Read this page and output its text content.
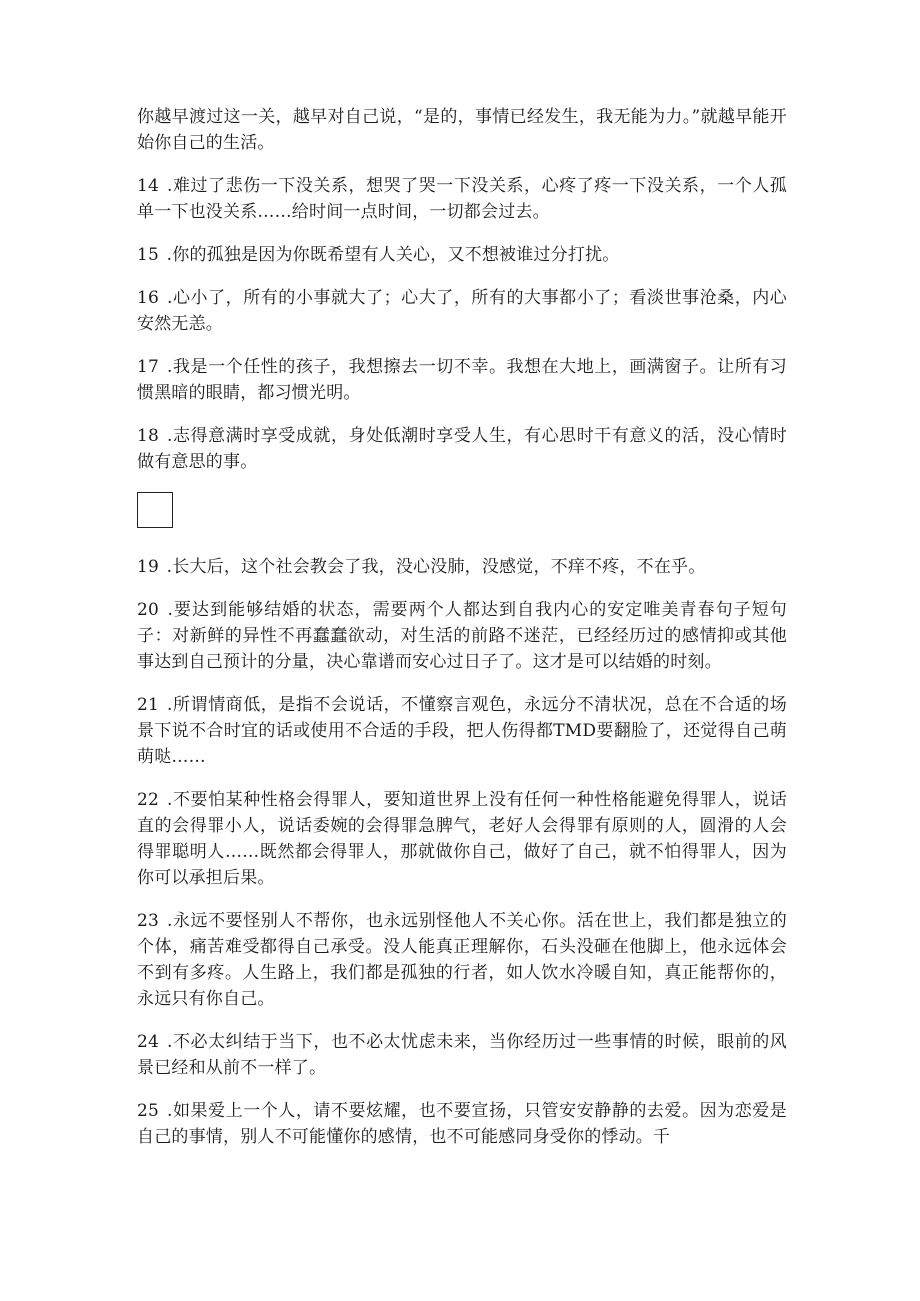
你越早渡过这一关，越早对自己说，“是的，事情已经发生，我无能为力。”就越早能开始你自己的生活。

14 .难过了悲伤一下没关系，想哭了哭一下没关系，心疼了疼一下没关系，一个人孤单一下也没关系……给时间一点时间，一切都会过去。

15 .你的孤独是因为你既希望有人关心，又不想被谁过分打扰。

16 .心小了，所有的小事就大了；心大了，所有的大事都小了；看淡世事沧桑，内心安然无恙。

17 .我是一个任性的孩子，我想擦去一切不幸。我想在大地上，画满窗子。让所有习惯黑暗的眼睛，都习惯光明。

18 .志得意满时享受成就，身处低潮时享受人生，有心思时干有意义的活，没心情时做有意思的事。

19 .长大后，这个社会教会了我，没心没肺，没感觉，不痒不疼，不在乎。

20 .要达到能够结婚的状态，需要两个人都达到自我内心的安定唯美青春句子短句子：对新鲜的异性不再蠢蠢欲动，对生活的前路不迷茫，已经经历过的感情抑或其他事达到自己预计的分量，决心靠谱而安心过日子了。这才是可以结婚的时刻。

21 .所谓情商低，是指不会说话，不懂察言观色，永远分不清状况，总在不合适的场景下说不合时宜的话或使用不合适的手段，把人伤得都TMD要翻脸了，还觉得自己萌萌哒……

22 .不要怕某种性格会得罪人，要知道世界上没有任何一种性格能避免得罪人，说话直的会得罪小人，说话委婉的会得罪急脾气，老好人会得罪有原则的人，圆滑的人会得罪聪明人……既然都会得罪人，那就做你自己，做好了自己，就不怕得罪人，因为你可以承担后果。

23 .永远不要怪别人不帮你，也永远别怪他人不关心你。活在世上，我们都是独立的个体，痛苦难受都得自己承受。没人能真正理解你，石头没砸在他脚上，他永远体会不到有多疼。人生路上，我们都是孤独的行者，如人饮水冷暖自知，真正能帮你的，永远只有你自己。

24 .不必太纠结于当下，也不必太忧虑未来，当你经历过一些事情的时候，眼前的风景已经和从前不一样了。

25 .如果爱上一个人，请不要炫耀，也不要宣扬，只管安安静静的去爱。因为恋爱是自己的事情，别人不可能懂你的感情，也不可能感同身受你的悸动。千
